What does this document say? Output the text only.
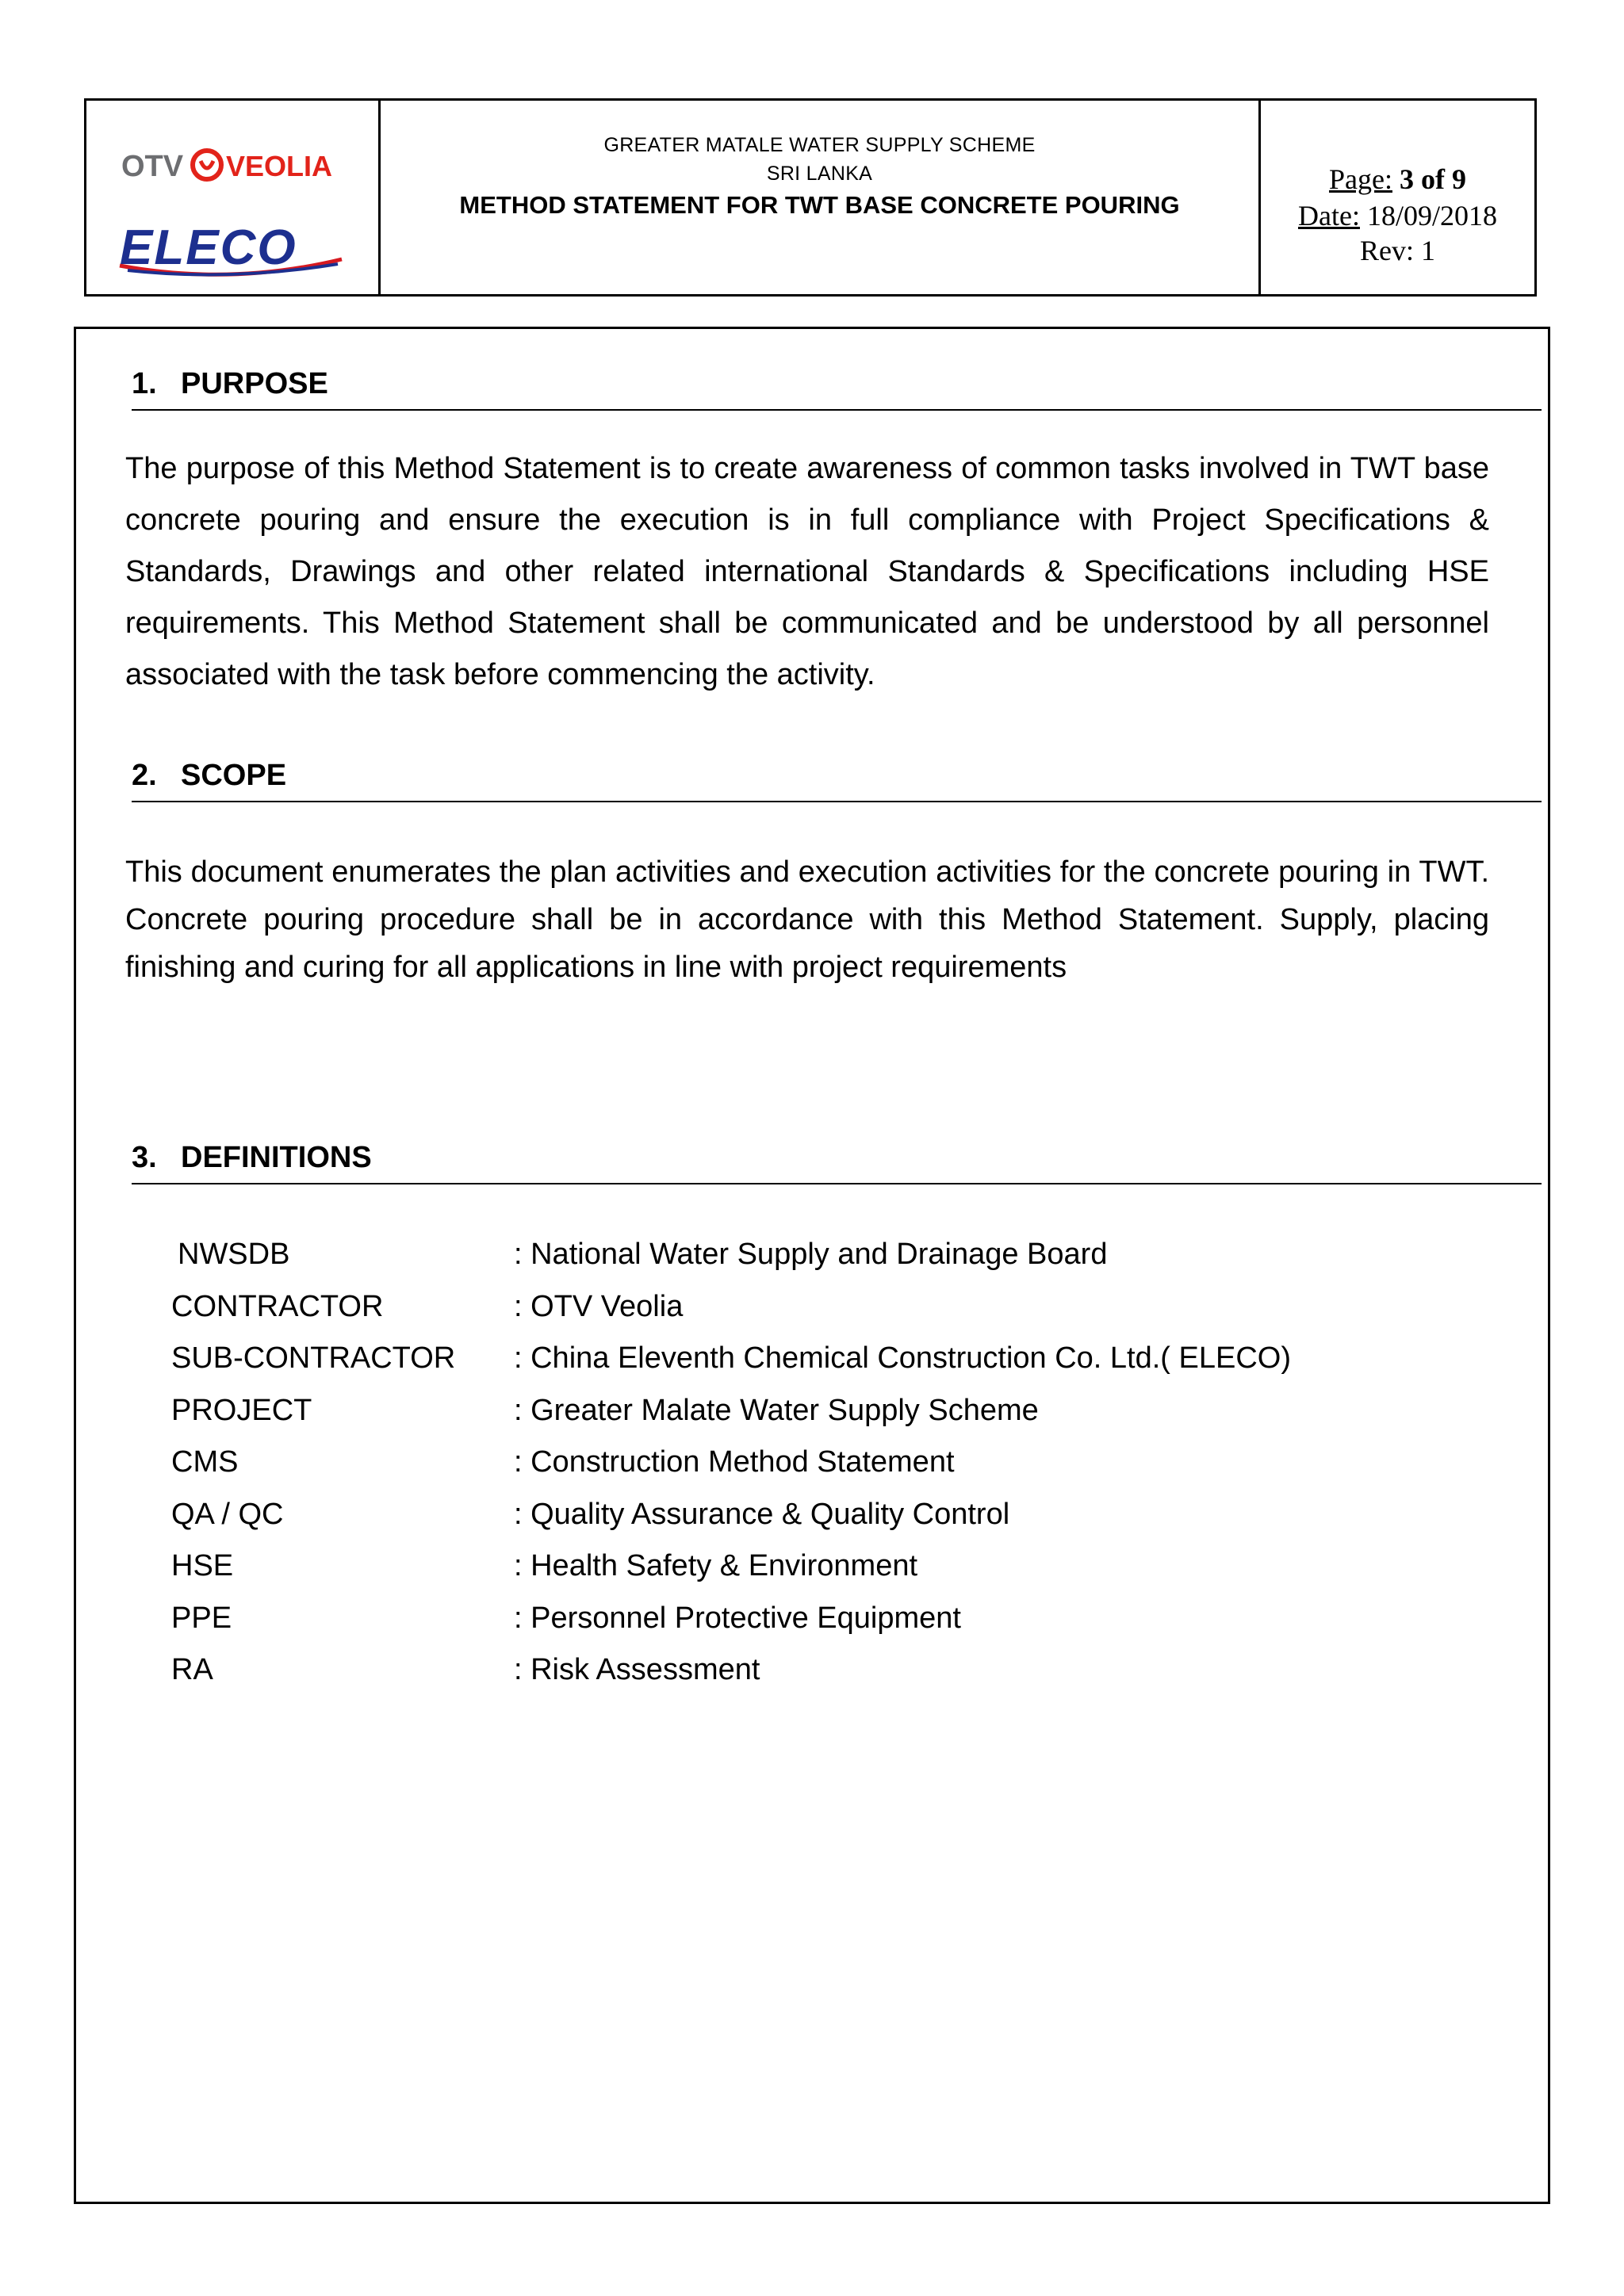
OTV VEOLIA
ELECO
GREATER MATALE WATER SUPPLY SCHEME
SRI LANKA
METHOD STATEMENT FOR TWT BASE CONCRETE POURING
Page: 3 of 9
Date: 18/09/2018
Rev: 1
1. PURPOSE
The purpose of this Method Statement is to create awareness of common tasks involved in TWT base concrete pouring and ensure the execution is in full compliance with Project Specifications & Standards, Drawings and other related international Standards & Specifications including HSE requirements. This Method Statement shall be communicated and be understood by all personnel associated with the task before commencing the activity.
2. SCOPE
This document enumerates the plan activities and execution activities for the concrete pouring in TWT. Concrete pouring procedure shall be in accordance with this Method Statement. Supply, placing finishing and curing for all applications in line with project requirements
3. DEFINITIONS
NWSDB	: National Water Supply and Drainage Board
CONTRACTOR	: OTV Veolia
SUB-CONTRACTOR	: China Eleventh Chemical Construction Co. Ltd.( ELECO)
PROJECT	: Greater Malate Water Supply Scheme
CMS	: Construction Method Statement
QA / QC	: Quality Assurance & Quality Control
HSE	: Health Safety & Environment
PPE	: Personnel Protective Equipment
RA	: Risk Assessment
